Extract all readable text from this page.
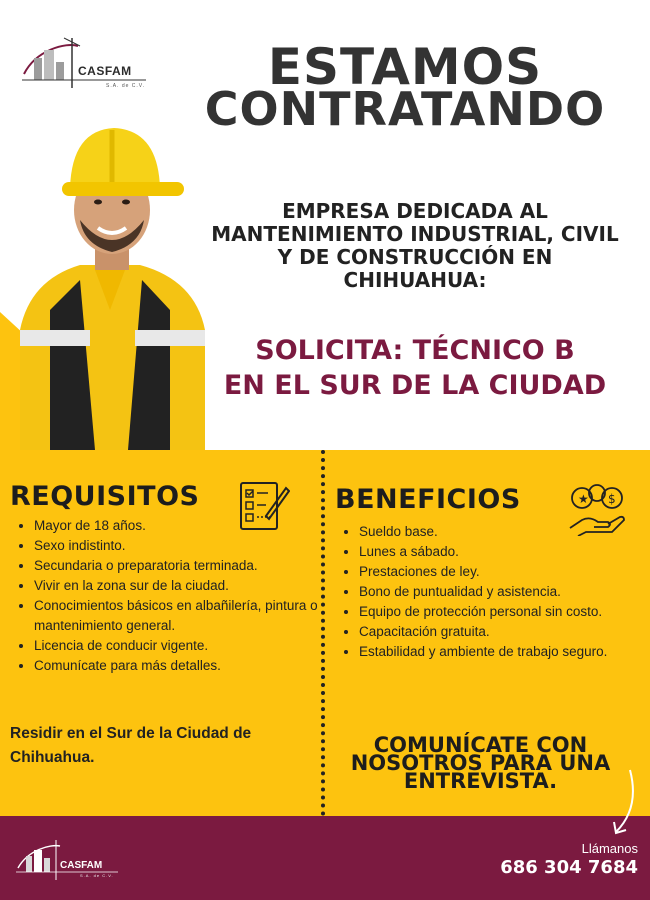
CASFAM
S.A. de C.V.	ESTAMOS
CONTRATANDO
EMPRESA DEDICADA AL
MANTENIMIENTO INDUSTRIAL, CIVIL
Y DE CONSTRUCCIÓN EN
CHIHUAHUA:
SOLICITA: TÉCNICO B
EN EL SUR DE LA CIUDAD
REQUISITOS
• Mayor de 18 años.
• Sexo indistinto.
• Secundaria o preparatoria terminada.
• Vivir en la zona sur de la ciudad.
• Conocimientos básicos en albañilería, pintura o mantenimiento general.
• Licencia de conducir vigente.
• Comunícate para más detalles.
Residir en el Sur de la Ciudad de Chihuahua.
BENEFICIOS	★ $
• Sueldo base.
• Lunes a sábado.
• Prestaciones de ley.
• Bono de puntualidad y asistencia.
• Equipo de protección personal sin costo.
• Capacitación gratuita.
• Estabilidad y ambiente de trabajo seguro.
COMUNÍCATE CON
NOSOTROS PARA UNA
ENTREVISTA.
CASFAM
S.A. de C.V.
Llámanos
686 304 7684
